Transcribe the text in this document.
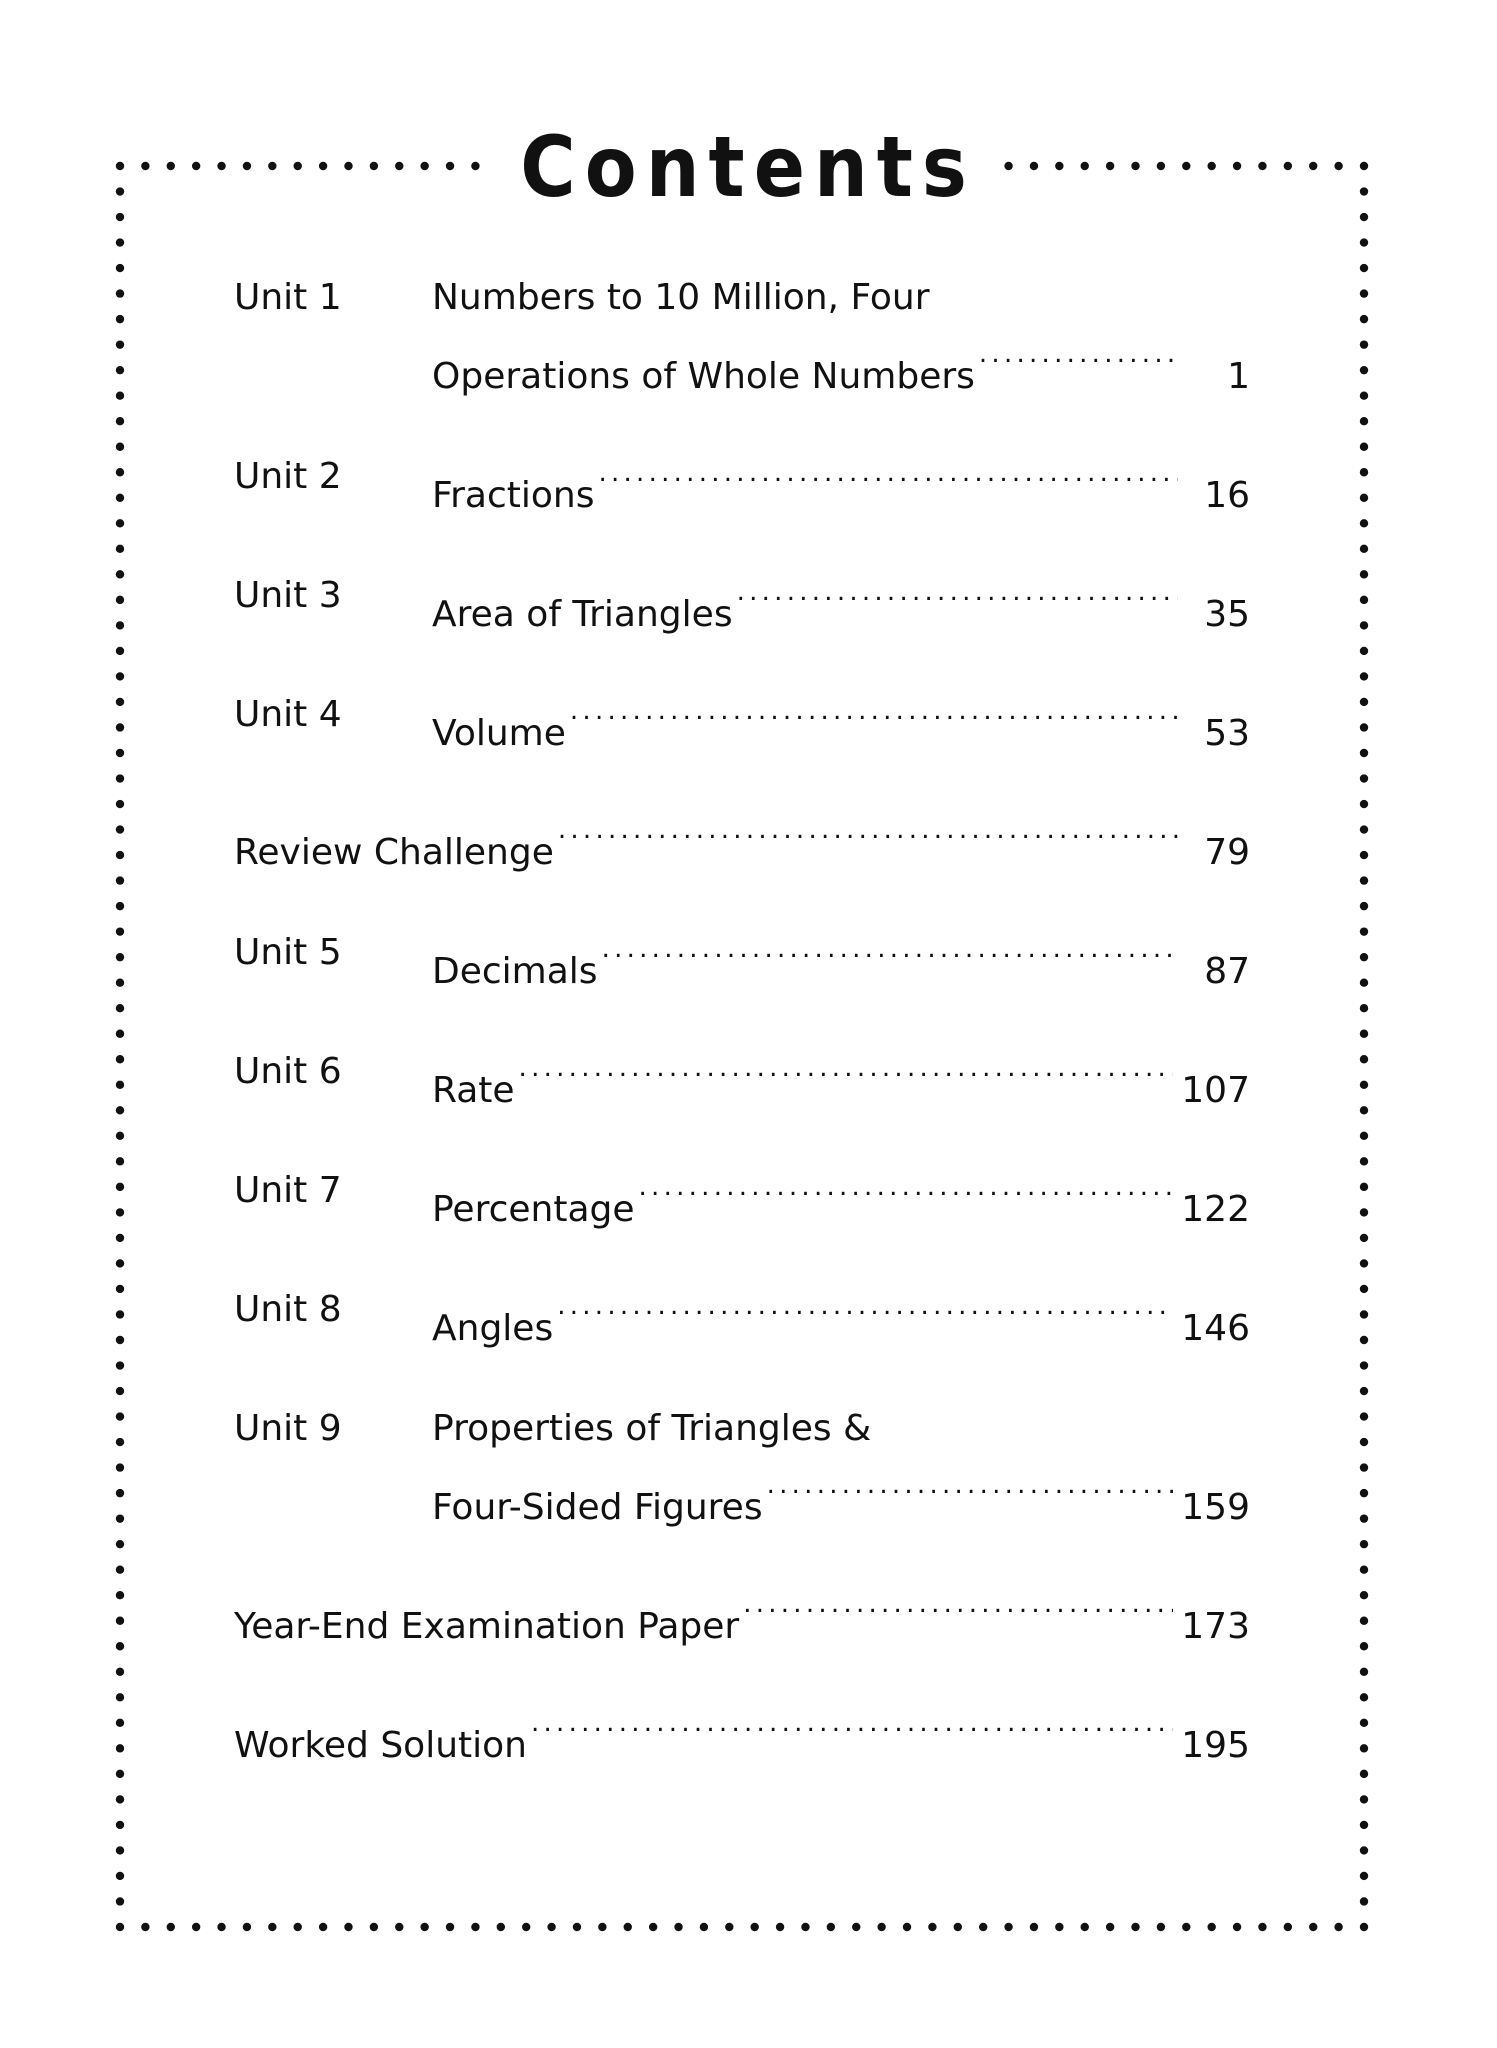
Contents
Unit 1	Numbers to 10 Million, Four
Operations of Whole Numbers . . .	1
Unit 2	Fractions . . .	16
Unit 3	Area of Triangles . . .	35
Unit 4	Volume . . .	53
Review Challenge . . .	79
Unit 5	Decimals . . .	87
Unit 6	Rate . . .	107
Unit 7	Percentage . . .	122
Unit 8	Angles . . .	146
Unit 9	Properties of Triangles &
Four-Sided Figures . . .	159
Year-End Examination Paper . . .	173
Worked Solution . . .	195
